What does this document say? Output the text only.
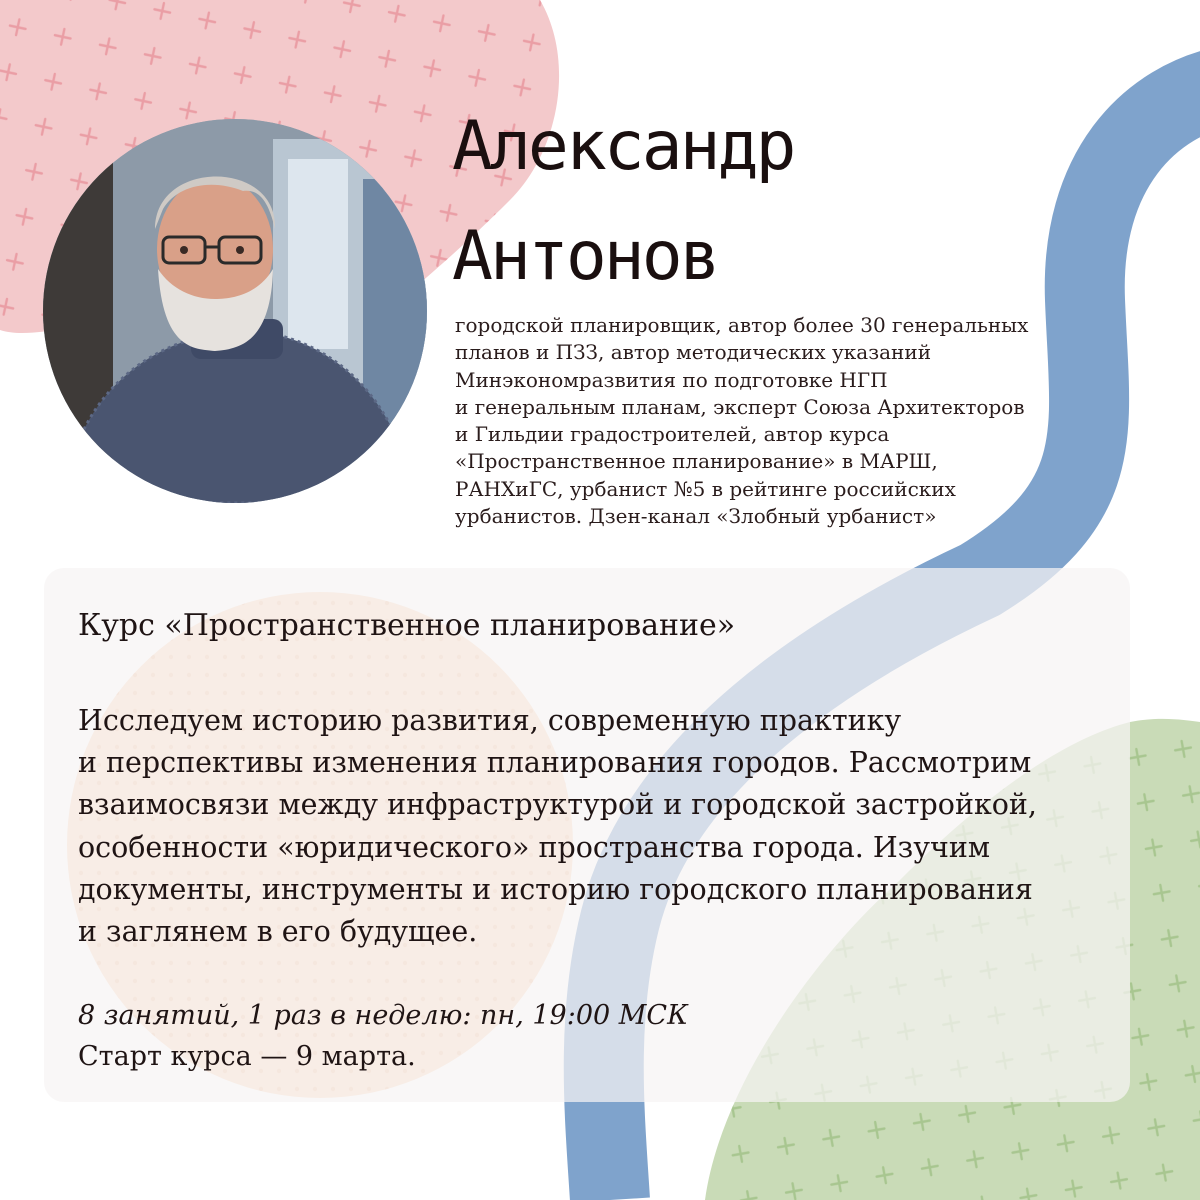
Александр
Антонов
городской планировщик, автор более 30 генеральных
планов и ПЗЗ, автор методических указаний
Минэкономразвития по подготовке НГП
и генеральным планам, эксперт Союза Архитекторов
и Гильдии градостроителей, автор курса
«Пространственное планирование» в МАРШ,
РАНХиГС, урбанист №5 в рейтинге российских
урбанистов. Дзен-канал «Злобный урбанист»
Курс «Пространственное планирование»
Исследуем историю развития, современную практику
и перспективы изменения планирования городов. Рассмотрим
взаимосвязи между инфраструктурой и городской застройкой,
особенности «юридического» пространства города. Изучим
документы, инструменты и историю городского планирования
и заглянем в его будущее.
8 занятий, 1 раз в неделю: пн, 19:00 МСК
Старт курса — 9 марта.
